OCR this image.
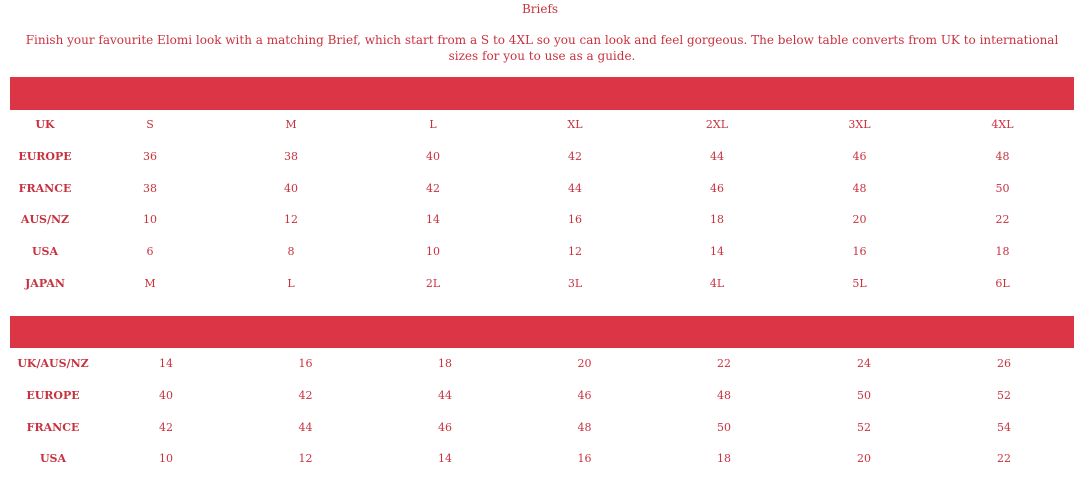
Briefs
Finish your favourite Elomi look with a matching Brief, which start from a S to 4XL so you can look and feel gorgeous. The below table converts from UK to international sizes for you to use as a guide.
UK	S	M	L	XL	2XL	3XL	4XL
EUROPE	36	38	40	42	44	46	48
FRANCE	38	40	42	44	46	48	50
AUS/NZ	10	12	14	16	18	20	22
USA	6	8	10	12	14	16	18
JAPAN	M	L	2L	3L	4L	5L	6L
UK/AUS/NZ	14	16	18	20	22	24	26
EUROPE	40	42	44	46	48	50	52
FRANCE	42	44	46	48	50	52	54
USA	10	12	14	16	18	20	22
